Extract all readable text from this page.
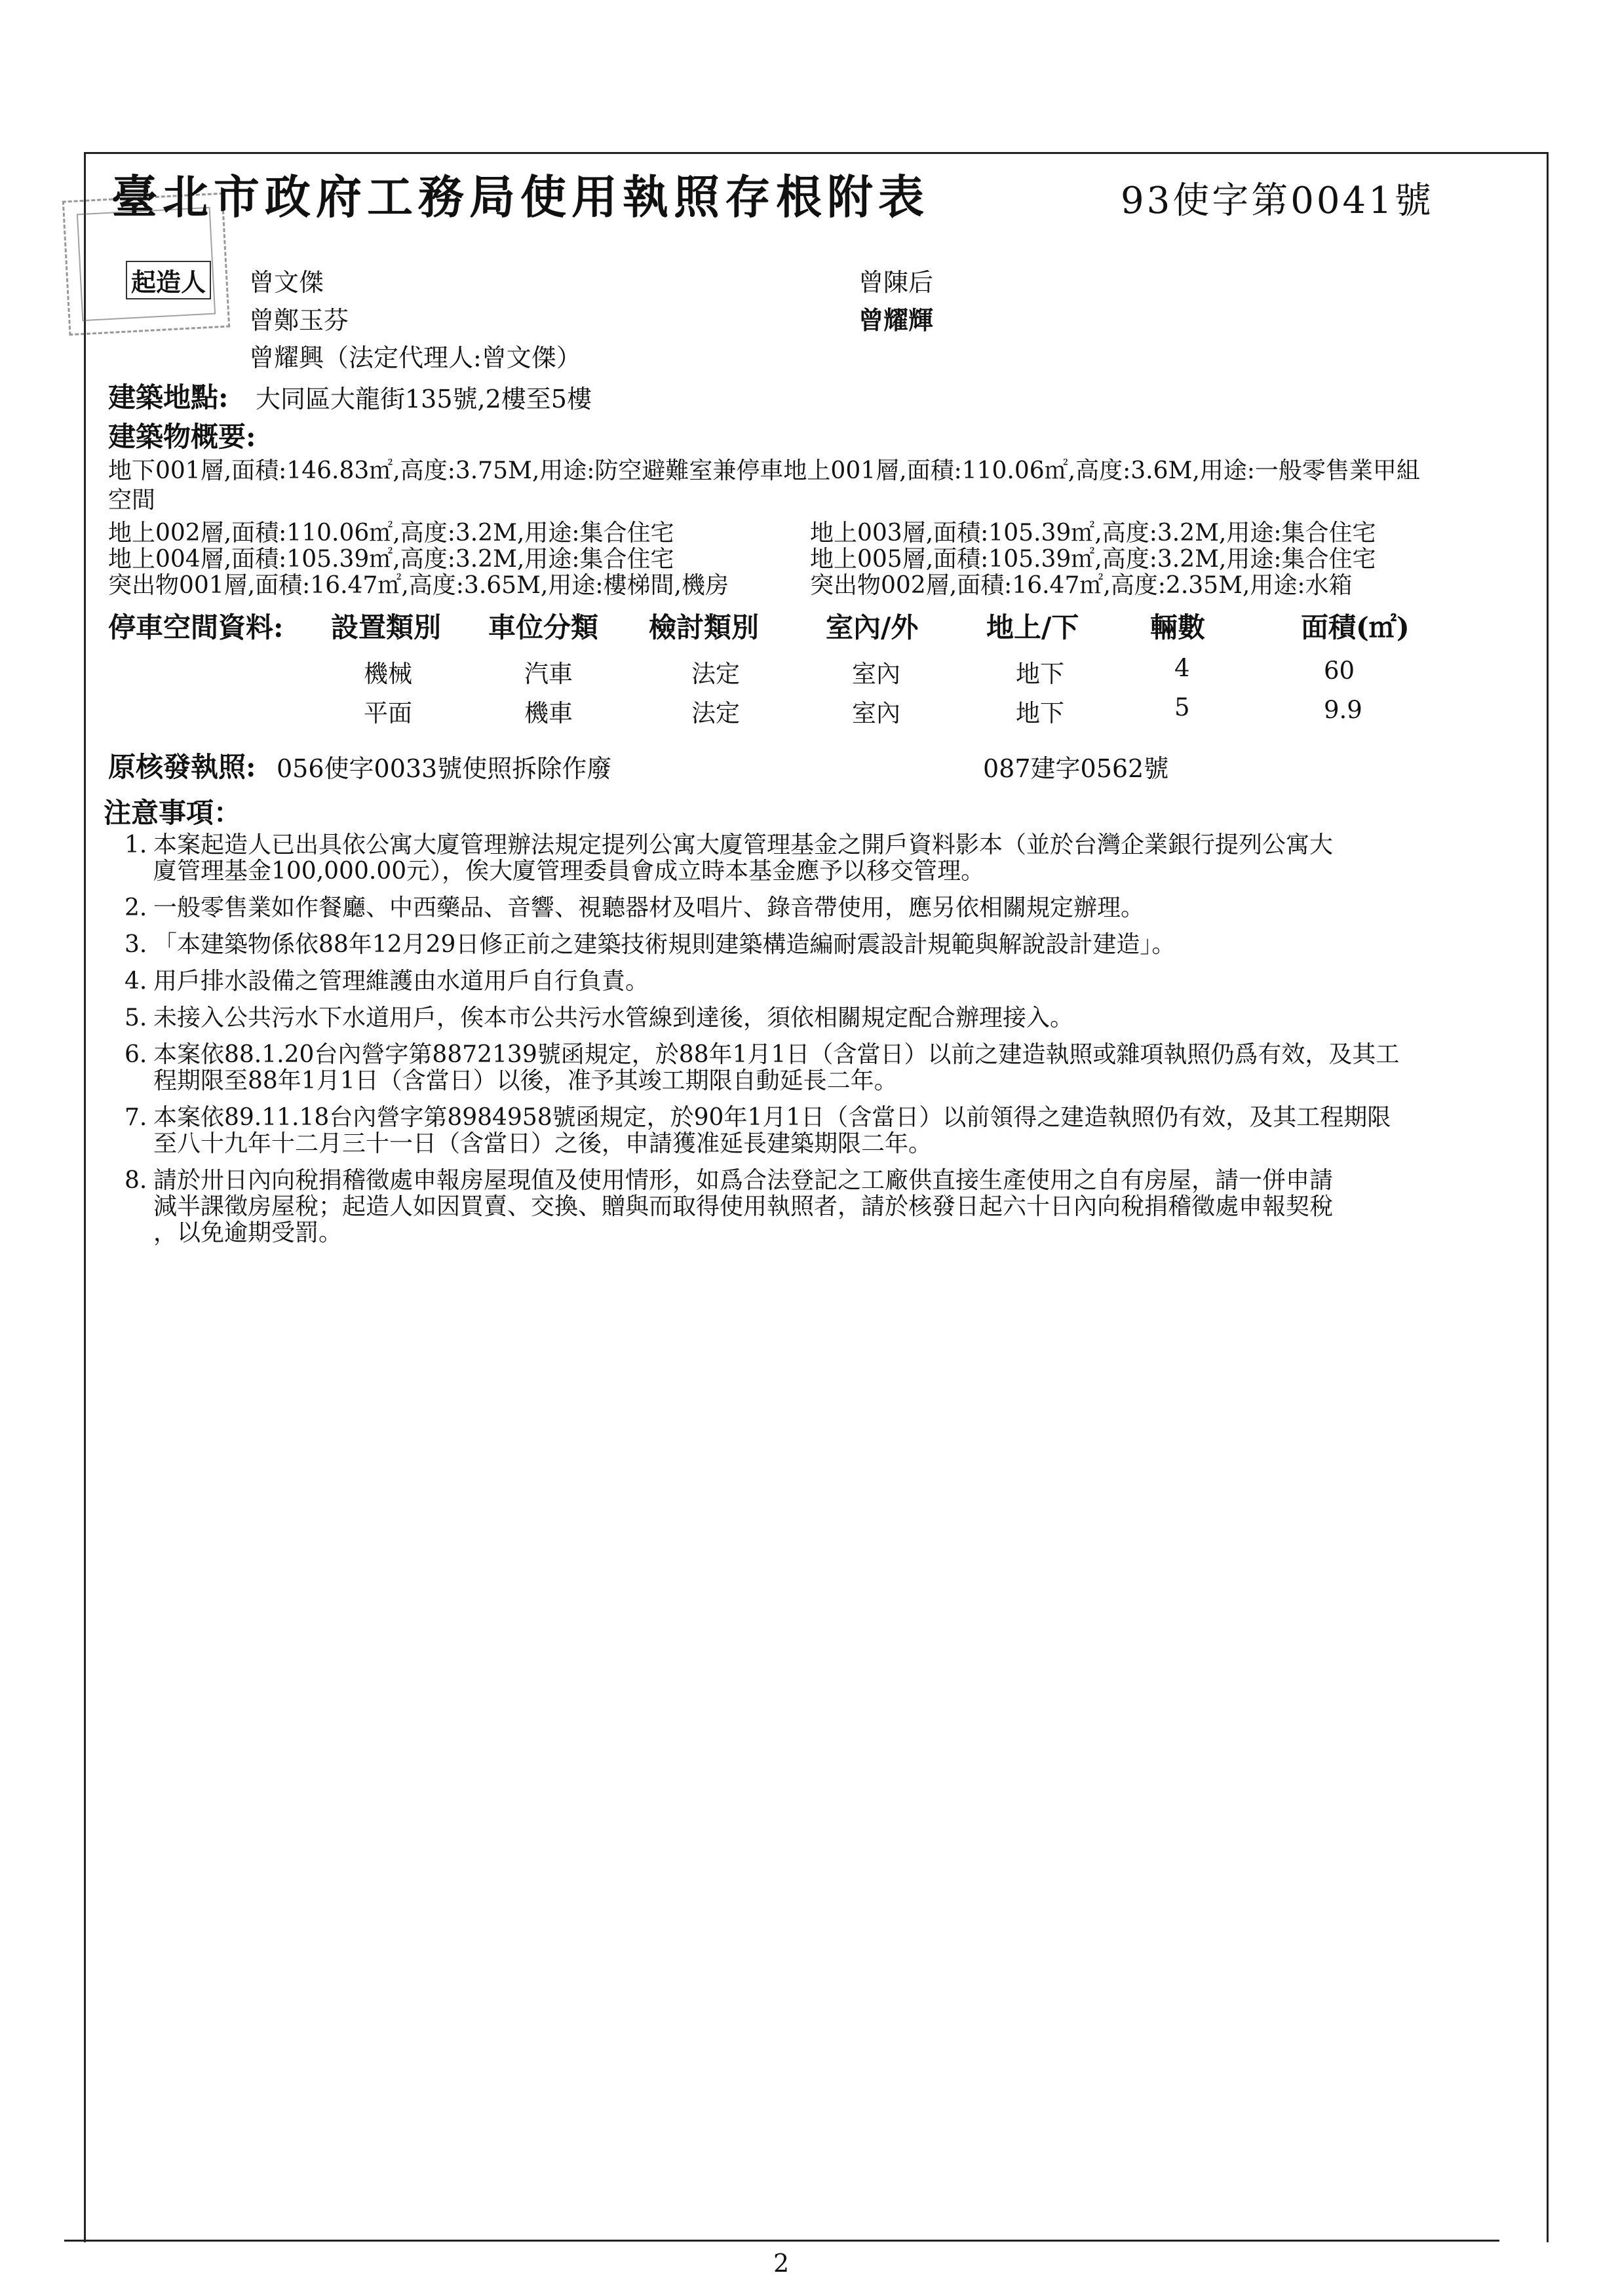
臺北市政府工務局使用執照存根附表	93使字第0041號
起造人 曾文傑	曾陳后
曾鄭玉芬	曾耀輝
曾耀興（法定代理人:曾文傑）
建築地點: 大同區大龍街135號,2樓至5樓
建築物概要:
地下001層,面積:146.83㎡,高度:3.75M,用途:防空避難室兼停車地上001層,面積:110.06㎡,高度:3.6M,用途:一般零售業甲組
空間
地上002層,面積:110.06㎡,高度:3.2M,用途:集合住宅	地上003層,面積:105.39㎡,高度:3.2M,用途:集合住宅
地上004層,面積:105.39㎡,高度:3.2M,用途:集合住宅	地上005層,面積:105.39㎡,高度:3.2M,用途:集合住宅
突出物001層,面積:16.47㎡,高度:3.65M,用途:樓梯間,機房	突出物002層,面積:16.47㎡,高度:2.35M,用途:水箱
停車空間資料: 設置類別 車位分類 檢討類別 室內/外 地上/下	輛數	面積(㎡)
機械	汽車	法定	室內	地下	4	60
平面	機車	法定	室內	地下	5	9.9
原核發執照: 056使字0033號使照拆除作廢	087建字0562號
注意事項：
1. 本案起造人已出具依公寓大廈管理辦法規定提列公寓大廈管理基金之開戶資料影本（並於台灣企業銀行提列公寓大
廈管理基金100,000.00元），俟大廈管理委員會成立時本基金應予以移交管理。
2. 一般零售業如作餐廳、中西藥品、音響、視聽器材及唱片、錄音帶使用，應另依相關規定辦理。
3. 「本建築物係依88年12月29日修正前之建築技術規則建築構造編耐震設計規範與解說設計建造」。
4. 用戶排水設備之管理維護由水道用戶自行負責。
5. 未接入公共污水下水道用戶，俟本市公共污水管線到達後，須依相關規定配合辦理接入。
6. 本案依88.1.20台內營字第8872139號函規定，於88年1月1日（含當日）以前之建造執照或雜項執照仍爲有效，及其工
程期限至88年1月1日（含當日）以後，准予其竣工期限自動延長二年。
7. 本案依89.11.18台內營字第8984958號函規定，於90年1月1日（含當日）以前領得之建造執照仍有效，及其工程期限
至八十九年十二月三十一日（含當日）之後，申請獲准延長建築期限二年。
8. 請於卅日內向稅捐稽徵處申報房屋現值及使用情形，如爲合法登記之工廠供直接生產使用之自有房屋，請一併申請
減半課徵房屋稅；起造人如因買賣、交換、贈與而取得使用執照者，請於核發日起六十日內向稅捐稽徵處申報契稅
，以免逾期受罰。
2
